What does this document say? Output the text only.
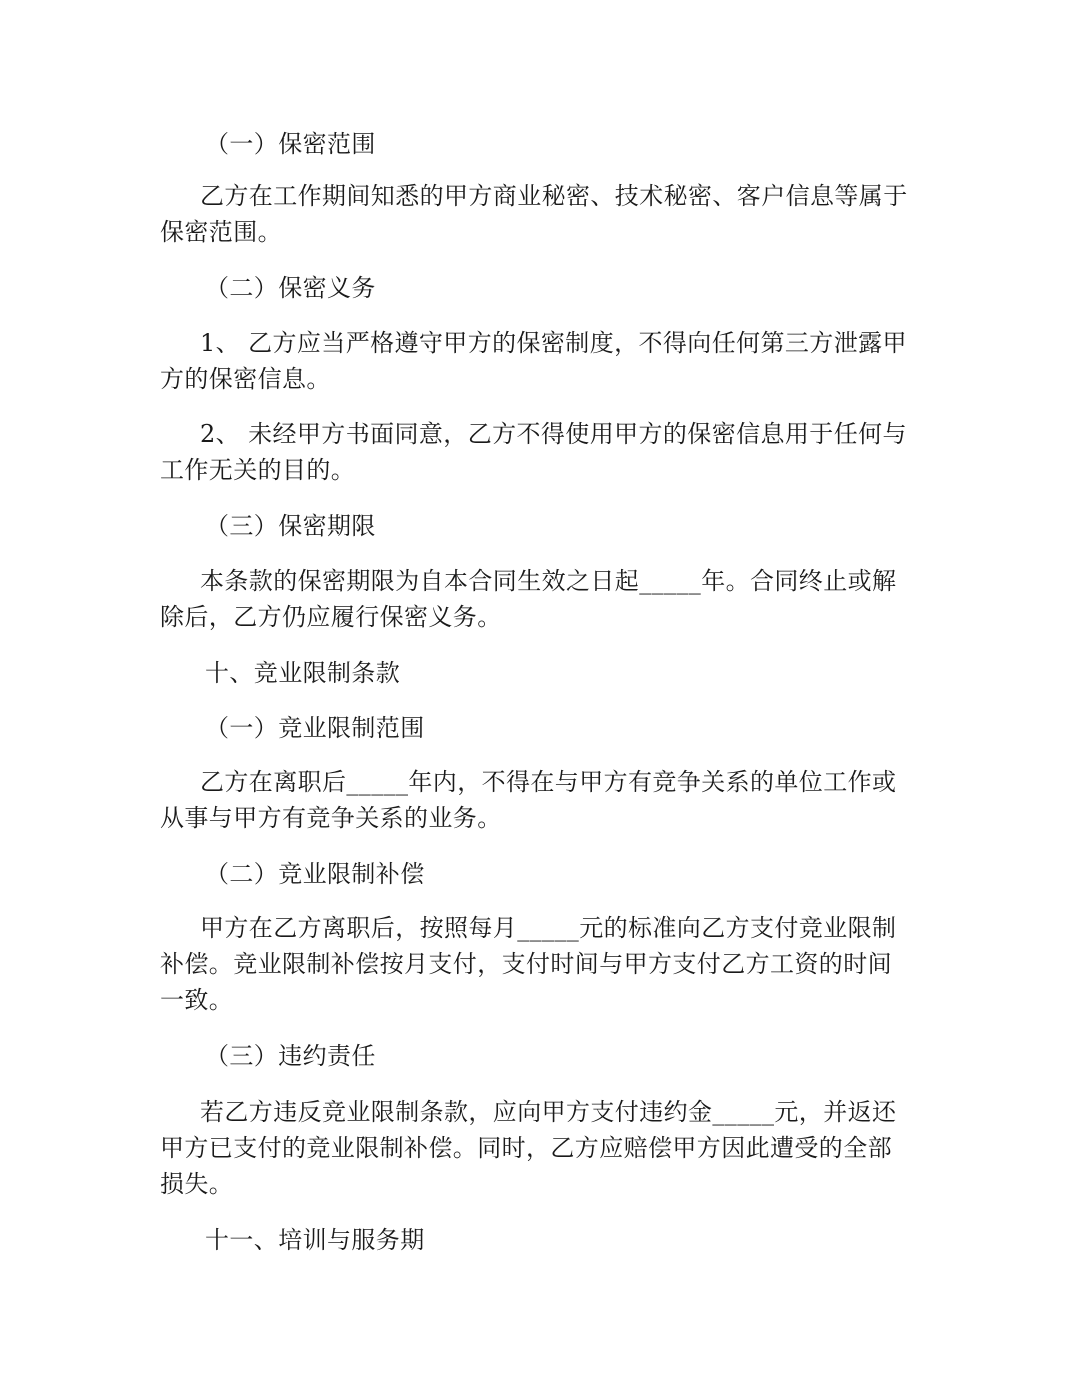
（一）保密范围
乙方在工作期间知悉的甲方商业秘密、技术秘密、客户信息等属于
保密范围。
（二）保密义务
1、 乙方应当严格遵守甲方的保密制度，不得向任何第三方泄露甲
方的保密信息。
2、 未经甲方书面同意，乙方不得使用甲方的保密信息用于任何与
工作无关的目的。
（三）保密期限
本条款的保密期限为自本合同生效之日起_____年。合同终止或解
除后，乙方仍应履行保密义务。
十、竞业限制条款
（一）竞业限制范围
乙方在离职后_____年内，不得在与甲方有竞争关系的单位工作或
从事与甲方有竞争关系的业务。
（二）竞业限制补偿
甲方在乙方离职后，按照每月_____元的标准向乙方支付竞业限制
补偿。竞业限制补偿按月支付，支付时间与甲方支付乙方工资的时间
一致。
（三）违约责任
若乙方违反竞业限制条款，应向甲方支付违约金_____元，并返还
甲方已支付的竞业限制补偿。同时，乙方应赔偿甲方因此遭受的全部
损失。
十一、培训与服务期
